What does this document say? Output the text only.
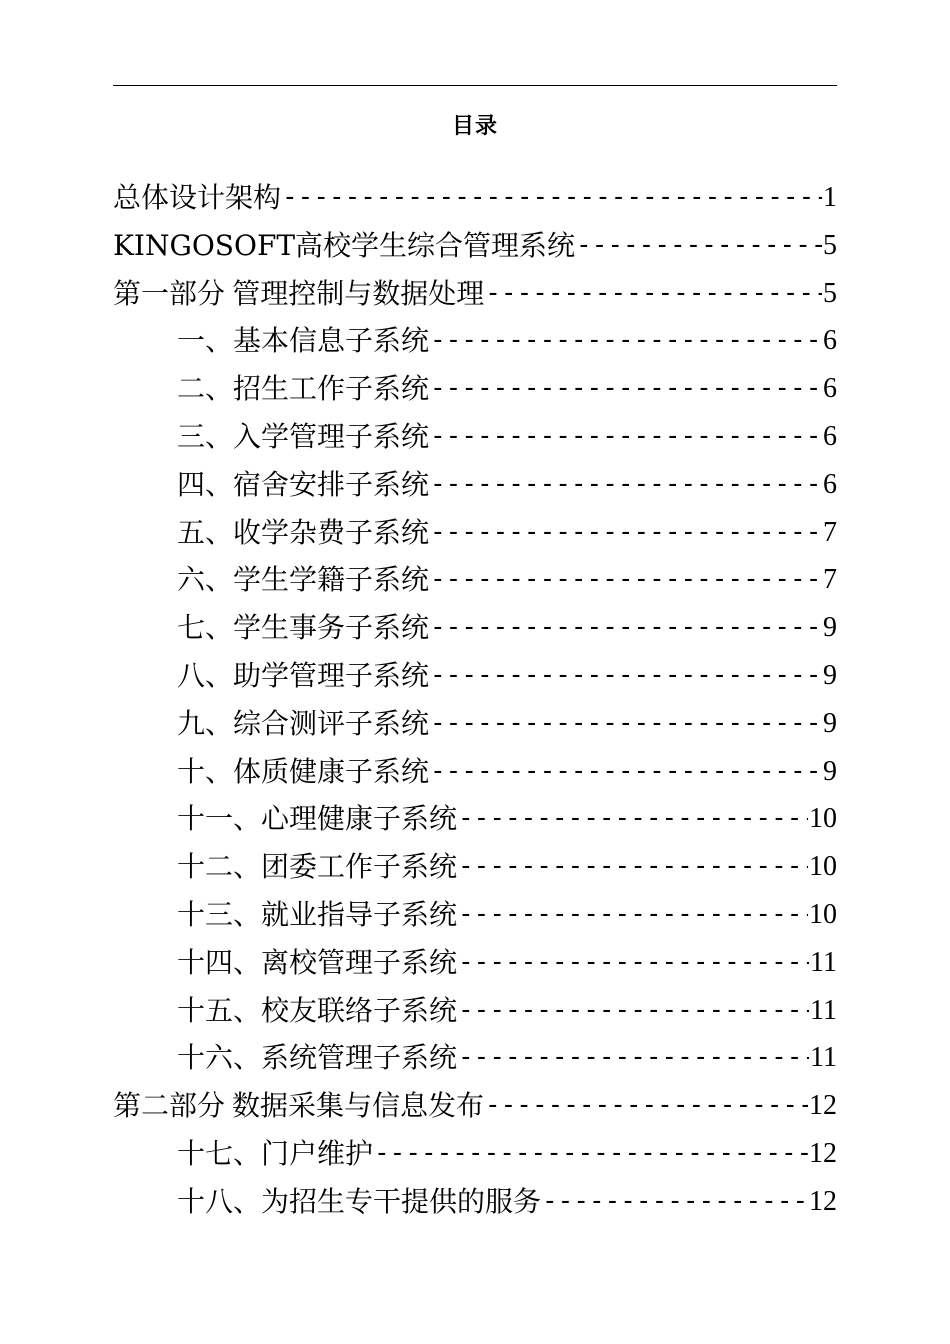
目录
总体设计架构 -----	1
KINGOSOFT高校学生综合管理系统 -----	5
第一部分 管理控制与数据处理 -----	5
一、基本信息子系统 -----	6
二、招生工作子系统 -----	6
三、入学管理子系统 -----	6
四、宿舍安排子系统 -----	6
五、收学杂费子系统 -----	7
六、学生学籍子系统 -----	7
七、学生事务子系统 -----	9
八、助学管理子系统 -----	9
九、综合测评子系统 -----	9
十、体质健康子系统 -----	9
十一、心理健康子系统 -----	10
十二、团委工作子系统 -----	10
十三、就业指导子系统 -----	10
十四、离校管理子系统 -----	11
十五、校友联络子系统 -----	11
十六、系统管理子系统 -----	11
第二部分 数据采集与信息发布 -----	12
十七、门户维护 -----	12
十八、为招生专干提供的服务 -----	12
